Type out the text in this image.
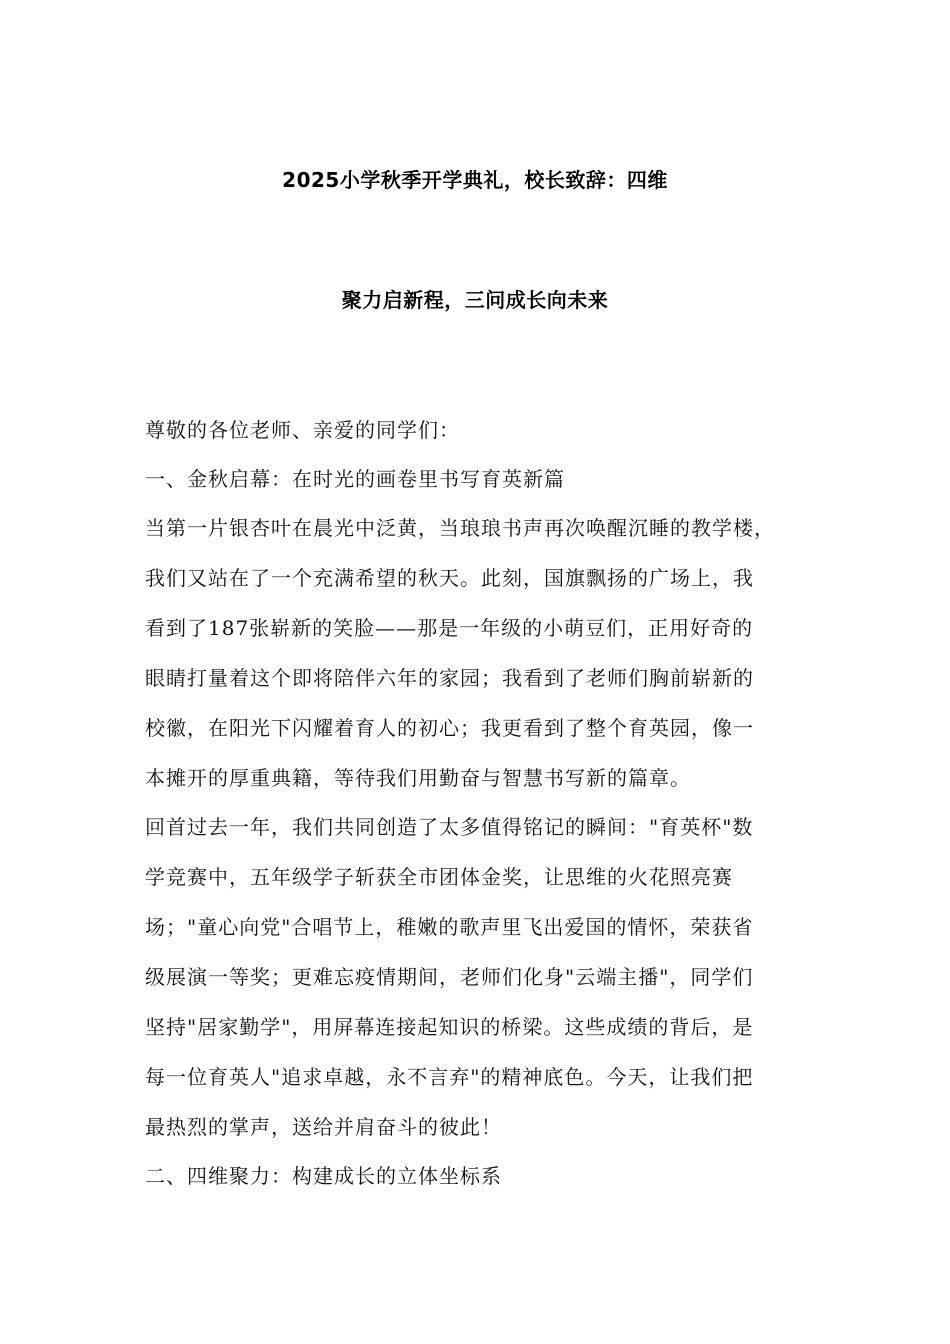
2025小学秋季开学典礼，校长致辞：四维
聚力启新程，三问成长向未来
尊敬的各位老师、亲爱的同学们：
一、金秋启幕：在时光的画卷里书写育英新篇
当第一片银杏叶在晨光中泛黄，当琅琅书声再次唤醒沉睡的教学楼，
我们又站在了一个充满希望的秋天。此刻，国旗飘扬的广场上，我
看到了187张崭新的笑脸——那是一年级的小萌豆们，正用好奇的
眼睛打量着这个即将陪伴六年的家园；我看到了老师们胸前崭新的
校徽，在阳光下闪耀着育人的初心；我更看到了整个育英园，像一
本摊开的厚重典籍，等待我们用勤奋与智慧书写新的篇章。
回首过去一年，我们共同创造了太多值得铭记的瞬间："育英杯"数
学竞赛中，五年级学子斩获全市团体金奖，让思维的火花照亮赛
场；"童心向党"合唱节上，稚嫩的歌声里飞出爱国的情怀，荣获省
级展演一等奖；更难忘疫情期间，老师们化身"云端主播"，同学们
坚持"居家勤学"，用屏幕连接起知识的桥梁。这些成绩的背后，是
每一位育英人"追求卓越，永不言弃"的精神底色。今天，让我们把
最热烈的掌声，送给并肩奋斗的彼此！
二、四维聚力：构建成长的立体坐标系
